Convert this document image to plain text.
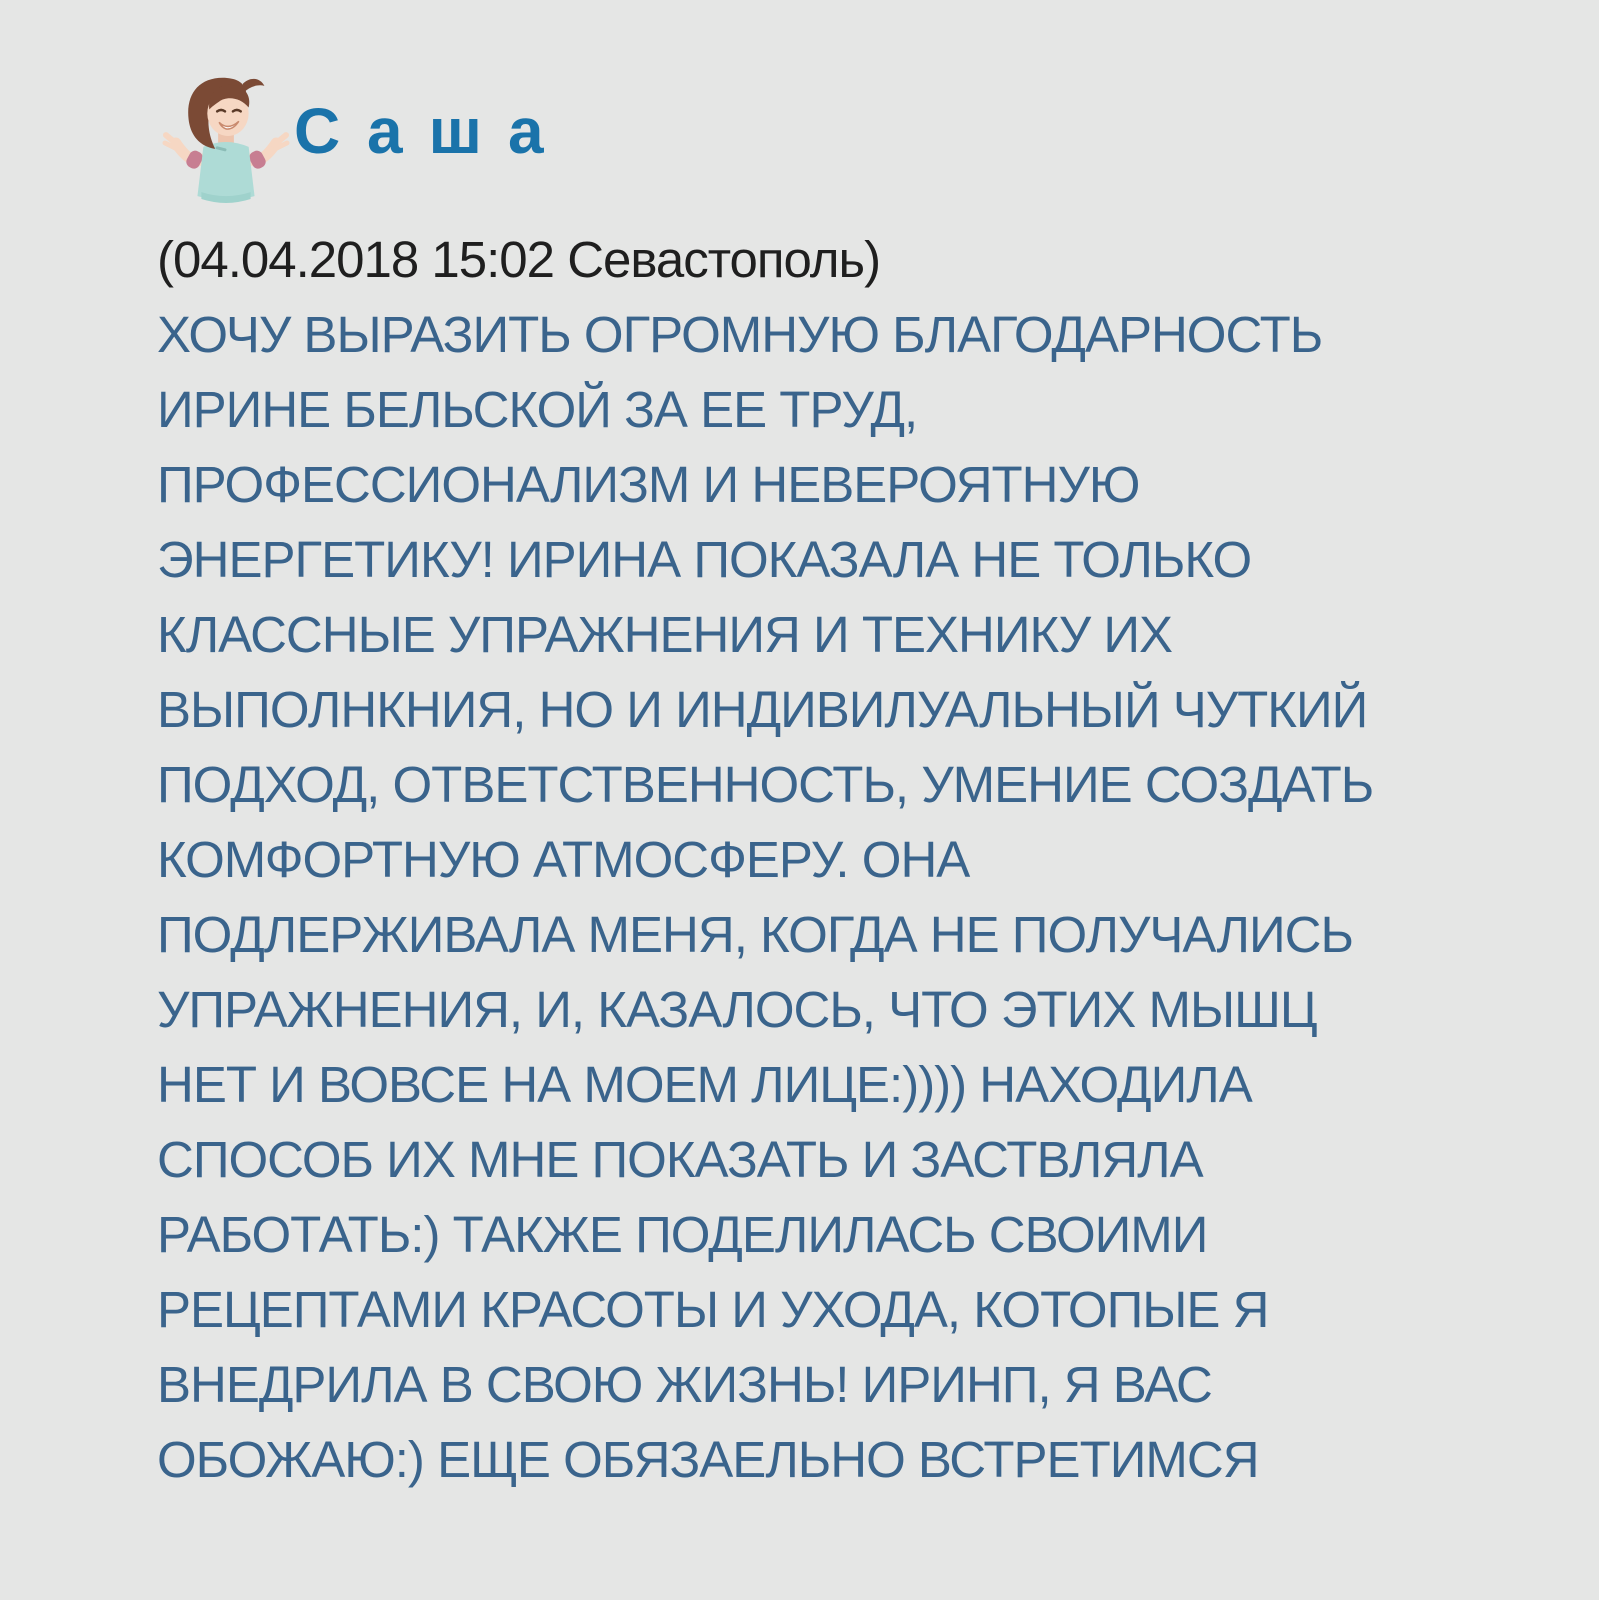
Саша
(04.04.2018 15:02 Севастополь)
ХОЧУ ВЫРАЗИТЬ ОГРОМНУЮ БЛАГОДАРНОСТЬ
ИРИНЕ БЕЛЬСКОЙ ЗА ЕЕ ТРУД,
ПРОФЕССИОНАЛИЗМ И НЕВЕРОЯТНУЮ
ЭНЕРГЕТИКУ! ИРИНА ПОКАЗАЛА НЕ ТОЛЬКО
КЛАССНЫЕ УПРАЖНЕНИЯ И ТЕХНИКУ ИХ
ВЫПОЛНКНИЯ, НО И ИНДИВИЛУАЛЬНЫЙ ЧУТКИЙ
ПОДХОД, ОТВЕТСТВЕННОСТЬ, УМЕНИЕ СОЗДАТЬ
КОМФОРТНУЮ АТМОСФЕРУ. ОНА
ПОДЛЕРЖИВАЛА МЕНЯ, КОГДА НЕ ПОЛУЧАЛИСЬ
УПРАЖНЕНИЯ, И, КАЗАЛОСЬ, ЧТО ЭТИХ МЫШЦ
НЕТ И ВОВСЕ НА МОЕМ ЛИЦЕ:)))) НАХОДИЛА
СПОСОБ ИХ МНЕ ПОКАЗАТЬ И ЗАСТВЛЯЛА
РАБОТАТЬ:) ТАКЖЕ ПОДЕЛИЛАСЬ СВОИМИ
РЕЦЕПТАМИ КРАСОТЫ И УХОДА, КОТОПЫЕ Я
ВНЕДРИЛА В СВОЮ ЖИЗНЬ! ИРИНП, Я ВАС
ОБОЖАЮ:) ЕЩЕ ОБЯЗАЕЛЬНО ВСТРЕТИМСЯ
